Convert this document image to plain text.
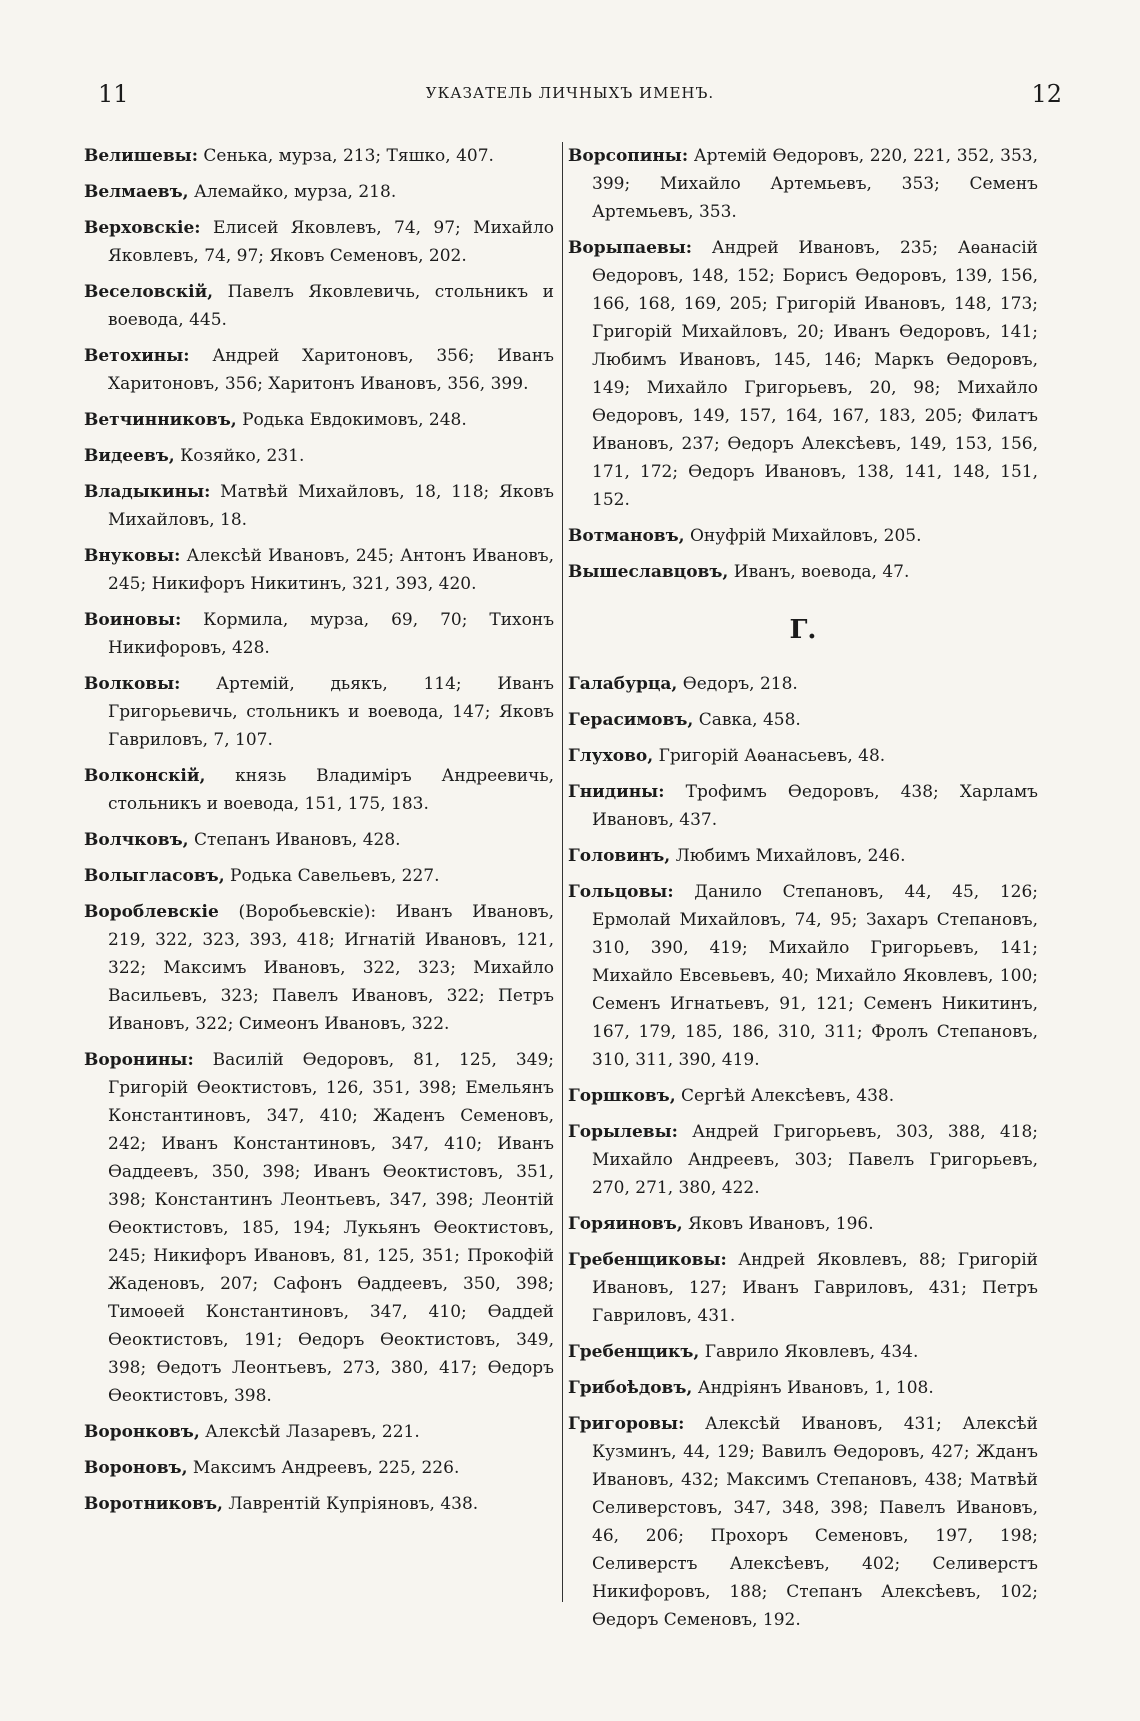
11	УКАЗАТЕЛЬ ЛИЧНЫХЪ ИМЕНЪ.	12

Велишевы: Сенька, мурза, 213; Тяшко, 407.

Велмаевъ, Алемайко, мурза, 218.

Верховскіе: Елисей Яковлевъ, 74, 97; Михайло Яковлевъ, 74, 97; Яковъ Семеновъ, 202.

Веселовскій, Павелъ Яковлевичь, стольникъ и воевода, 445.

Ветохины: Андрей Харитоновъ, 356; Иванъ Харитоновъ, 356; Харитонъ Ивановъ, 356, 399.

Ветчинниковъ, Родька Евдокимовъ, 248.

Видеевъ, Козяйко, 231.

Владыкины: Матвѣй Михайловъ, 18, 118; Яковъ Михайловъ, 18.

Внуковы: Алексѣй Ивановъ, 245; Антонъ Ивановъ, 245; Никифоръ Никитинъ, 321, 393, 420.

Воиновы: Кормила, мурза, 69, 70; Тихонъ Никифоровъ, 428.

Волковы: Артемій, дьякъ, 114; Иванъ Григорьевичь, стольникъ и воевода, 147; Яковъ Гавриловъ, 7, 107.

Волконскій, князь Владиміръ Андреевичь, стольникъ и воевода, 151, 175, 183.

Волчковъ, Степанъ Ивановъ, 428.

Волыгласовъ, Родька Савельевъ, 227.

Вороблевскіе (Воробьевскіе): Иванъ Ивановъ, 219, 322, 323, 393, 418; Игнатій Ивановъ, 121, 322; Максимъ Ивановъ, 322, 323; Михайло Васильевъ, 323; Павелъ Ивановъ, 322; Петръ Ивановъ, 322; Симеонъ Ивановъ, 322.

Воронины: Василій Ѳедоровъ, 81, 125, 349; Григорій Ѳеоктистовъ, 126, 351, 398; Емельянъ Константиновъ, 347, 410; Жаденъ Семеновъ, 242; Иванъ Константиновъ, 347, 410; Иванъ Ѳаддеевъ, 350, 398; Иванъ Ѳеоктистовъ, 351, 398; Константинъ Леонтьевъ, 347, 398; Леонтій Ѳеоктистовъ, 185, 194; Лукьянъ Ѳеоктистовъ, 245; Никифоръ Ивановъ, 81, 125, 351; Прокофій Жаденовъ, 207; Сафонъ Ѳаддеевъ, 350, 398; Тимоѳей Константиновъ, 347, 410; Ѳаддей Ѳеоктистовъ, 191; Ѳедоръ Ѳеоктистовъ, 349, 398; Ѳедотъ Леонтьевъ, 273, 380, 417; Ѳедоръ Ѳеоктистовъ, 398.

Воронковъ, Алексѣй Лазаревъ, 221.

Вороновъ, Максимъ Андреевъ, 225, 226.

Воротниковъ, Лаврентій Купріяновъ, 438.

Ворсопины: Артемій Ѳедоровъ, 220, 221, 352, 353, 399; Михайло Артемьевъ, 353; Семенъ Артемьевъ, 353.

Ворыпаевы: Андрей Ивановъ, 235; Аѳанасій Ѳедоровъ, 148, 152; Борисъ Ѳедоровъ, 139, 156, 166, 168, 169, 205; Григорій Ивановъ, 148, 173; Григорій Михайловъ, 20; Иванъ Ѳедоровъ, 141; Любимъ Ивановъ, 145, 146; Маркъ Ѳедоровъ, 149; Михайло Григорьевъ, 20, 98; Михайло Ѳедоровъ, 149, 157, 164, 167, 183, 205; Филатъ Ивановъ, 237; Ѳедоръ Алексѣевъ, 149, 153, 156, 171, 172; Ѳедоръ Ивановъ, 138, 141, 148, 151, 152.

Вотмановъ, Онуфрій Михайловъ, 205.

Вышеславцовъ, Иванъ, воевода, 47.

Г.

Галабурца, Ѳедоръ, 218.

Герасимовъ, Савка, 458.

Глухово, Григорій Аѳанасьевъ, 48.

Гнидины: Трофимъ Ѳедоровъ, 438; Харламъ Ивановъ, 437.

Головинъ, Любимъ Михайловъ, 246.

Гольцовы: Данило Степановъ, 44, 45, 126; Ермолай Михайловъ, 74, 95; Захаръ Степановъ, 310, 390, 419; Михайло Григорьевъ, 141; Михайло Евсевьевъ, 40; Михайло Яковлевъ, 100; Семенъ Игнатьевъ, 91, 121; Семенъ Никитинъ, 167, 179, 185, 186, 310, 311; Фролъ Степановъ, 310, 311, 390, 419.

Горшковъ, Сергѣй Алексѣевъ, 438.

Горылевы: Андрей Григорьевъ, 303, 388, 418; Михайло Андреевъ, 303; Павелъ Григорьевъ, 270, 271, 380, 422.

Горяиновъ, Яковъ Ивановъ, 196.

Гребенщиковы: Андрей Яковлевъ, 88; Григорій Ивановъ, 127; Иванъ Гавриловъ, 431; Петръ Гавриловъ, 431.

Гребенщикъ, Гаврило Яковлевъ, 434.

Грибоѣдовъ, Андріянъ Ивановъ, 1, 108.

Григоровы: Алексѣй Ивановъ, 431; Алексѣй Кузминъ, 44, 129; Вавилъ Ѳедоровъ, 427; Жданъ Ивановъ, 432; Максимъ Степановъ, 438; Матвѣй Селиверстовъ, 347, 348, 398; Павелъ Ивановъ, 46, 206; Прохоръ Семеновъ, 197, 198; Селиверстъ Алексѣевъ, 402; Селиверстъ Никифоровъ, 188; Степанъ Алексѣевъ, 102; Ѳедоръ Семеновъ, 192.
